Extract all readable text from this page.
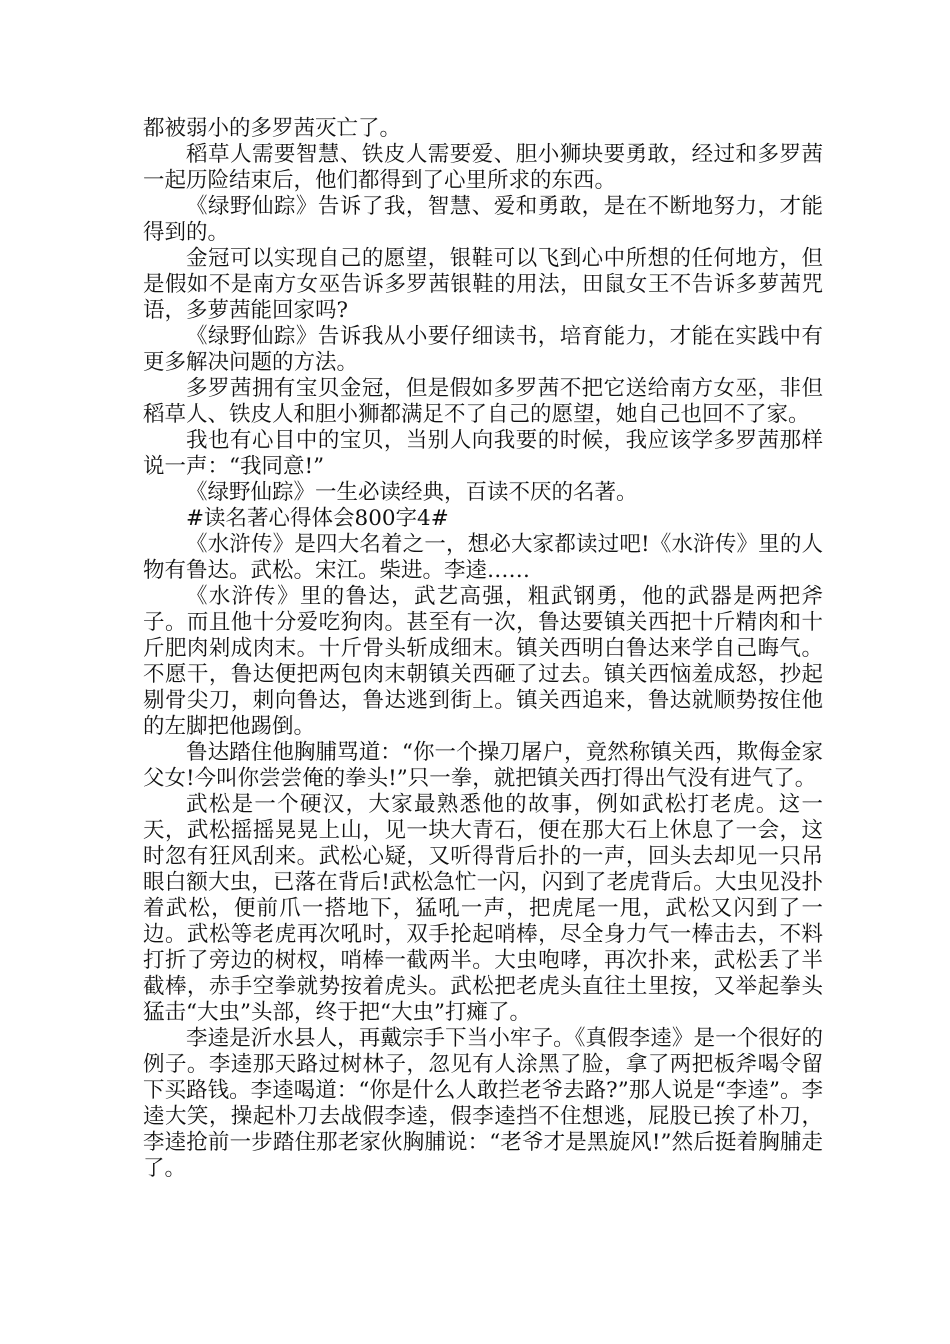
都被弱小的多罗茜灭亡了。

稻草人需要智慧、铁皮人需要爱、胆小狮块要勇敢，经过和多罗茜一起历险结束后，他们都得到了心里所求的东西。

《绿野仙踪》告诉了我，智慧、爱和勇敢，是在不断地努力，才能得到的。

金冠可以实现自己的愿望，银鞋可以飞到心中所想的任何地方，但是假如不是南方女巫告诉多罗茜银鞋的用法，田鼠女王不告诉多萝茜咒语，多萝茜能回家吗?

《绿野仙踪》告诉我从小要仔细读书，培育能力，才能在实践中有更多解决问题的方法。

多罗茜拥有宝贝金冠，但是假如多罗茜不把它送给南方女巫，非但稻草人、铁皮人和胆小狮都满足不了自己的愿望，她自己也回不了家。

我也有心目中的宝贝，当别人向我要的时候，我应该学多罗茜那样说一声：“我同意!”

《绿野仙踪》一生必读经典，百读不厌的名著。

#读名著心得体会800字4#

《水浒传》是四大名着之一，想必大家都读过吧!《水浒传》里的人物有鲁达。武松。宋江。柴进。李逵……

《水浒传》里的鲁达，武艺高强，粗武钢勇，他的武器是两把斧子。而且他十分爱吃狗肉。甚至有一次，鲁达要镇关西把十斤精肉和十斤肥肉剁成肉末。十斤骨头斩成细末。镇关西明白鲁达来学自己晦气。不愿干，鲁达便把两包肉末朝镇关西砸了过去。镇关西恼羞成怒，抄起剔骨尖刀，刺向鲁达，鲁达逃到街上。镇关西追来，鲁达就顺势按住他的左脚把他踢倒。

鲁达踏住他胸脯骂道：“你一个操刀屠户，竟然称镇关西，欺侮金家父女!今叫你尝尝俺的拳头!”只一拳，就把镇关西打得出气没有进气了。

武松是一个硬汉，大家最熟悉他的故事，例如武松打老虎。这一天，武松摇摇晃晃上山，见一块大青石，便在那大石上休息了一会，这时忽有狂风刮来。武松心疑，又听得背后扑的一声，回头去却见一只吊眼白额大虫，已落在背后!武松急忙一闪，闪到了老虎背后。大虫见没扑着武松，便前爪一搭地下，猛吼一声，把虎尾一甩，武松又闪到了一边。武松等老虎再次吼时，双手抡起哨棒，尽全身力气一棒击去，不料打折了旁边的树杈，哨棒一截两半。大虫咆哮，再次扑来，武松丢了半截棒，赤手空拳就势按着虎头。武松把老虎头直往土里按，又举起拳头猛击“大虫”头部，终于把“大虫”打瘫了。

李逵是沂水县人，再戴宗手下当小牢子。《真假李逵》是一个很好的例子。李逵那天路过树林子，忽见有人涂黑了脸，拿了两把板斧喝令留下买路钱。李逵喝道：“你是什么人敢拦老爷去路?”那人说是“李逵”。李逵大笑，操起朴刀去战假李逵，假李逵挡不住想逃，屁股已挨了朴刀，李逵抢前一步踏住那老家伙胸脯说：“老爷才是黑旋风!”然后挺着胸脯走了。
